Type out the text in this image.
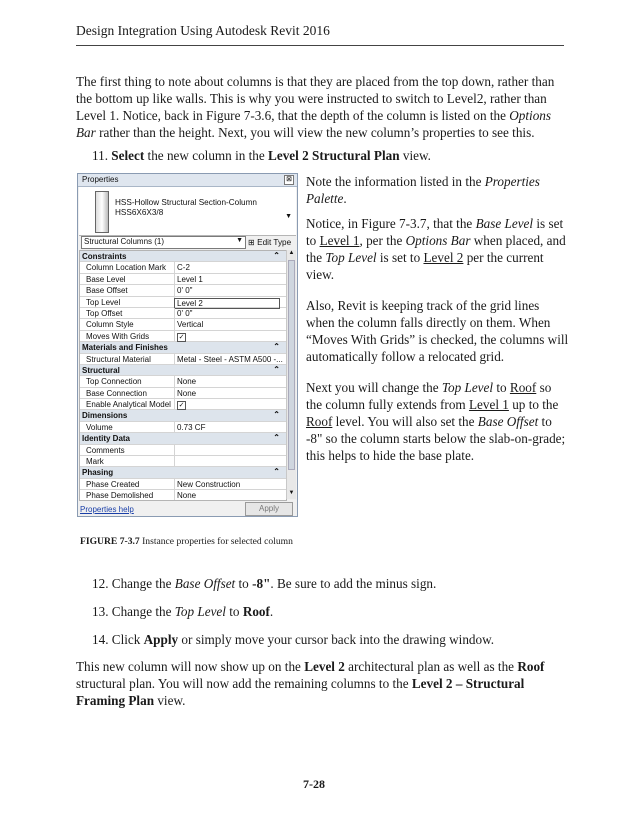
Design Integration Using Autodesk Revit 2016

The first thing to note about columns is that they are placed from the top down, rather than the bottom up like walls. This is why you were instructed to switch to Level2, rather than Level 1. Notice, back in Figure 7-3.6, that the depth of the column is listed on the Options Bar rather than the height. Next, you will view the new column’s properties to see this.

11. Select the new column in the Level 2 Structural Plan view.

Properties	⊠
HSS-Hollow Structural Section-Column
HSS6X6X3/8	▼
Structural Columns (1)	▼ ⊞ Edit Type
Constraints	⌃
Column Location Mark C-2
Base Level	Level 1
Base Offset	0' 0"
Top Level	Level 2
Top Offset	0' 0"
Column Style	Vertical
Moves With Grids	✓
Materials and Finishes	⌃
Structural Material	Metal - Steel - ASTM A500 -...
Structural	⌃
Top Connection	None
Base Connection	None
Enable Analytical Model ✓
Dimensions	⌃
Volume	0.73 CF
Identity Data	⌃
Comments
Mark
Phasing	⌃
Phase Created	New Construction
Phase Demolished	None
▲
▼
Properties help	Apply
Note the information listed in the Properties Palette.
Notice, in Figure 7-3.7, that the Base Level is set to Level 1, per the Options Bar when placed, and the Top Level is set to Level 2 per the current view.
Also, Revit is keeping track of the grid lines when the column falls directly on them. When “Moves With Grids” is checked, the columns will automatically follow a relocated grid.
Next you will change the Top Level to Roof so the column fully extends from Level 1 up to the Roof level. You will also set the Base Offset to -8" so the column starts below the slab-on-grade; this helps to hide the base plate.
FIGURE 7-3.7 Instance properties for selected column

12. Change the Base Offset to -8". Be sure to add the minus sign.

13. Change the Top Level to Roof.

14. Click Apply or simply move your cursor back into the drawing window.

This new column will now show up on the Level 2 architectural plan as well as the Roof structural plan. You will now add the remaining columns to the Level 2 – Structural Framing Plan view.

7-28
